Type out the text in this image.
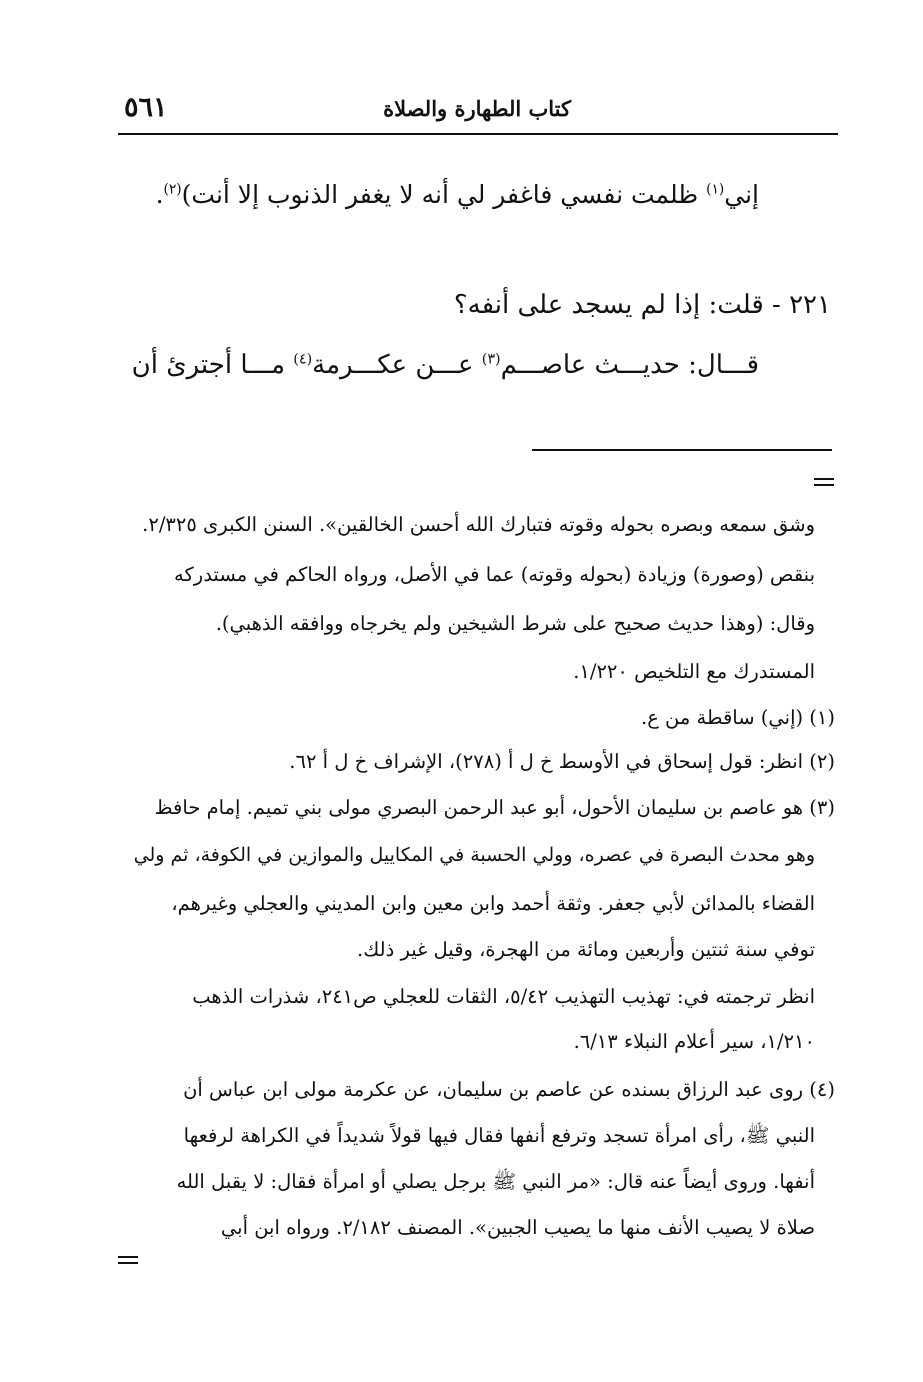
٥٦١	كتاب الطهارة والصلاة
إني$^{(١)}$ ظلمت نفسي فاغفر لي أنه لا يغفر الذنوب إلا أنت)$^{(٢)}$.
٢٢١ - قلت: إذا لم يسجد على أنفه؟
قـــال: حديـــث عاصـــم$^{(٣)}$ عـــن عكـــرمة$^{(٤)}$ مـــا أجترئ أن
وشق سمعه وبصره بحوله وقوته فتبارك الله أحسن الخالقين». السنن الكبرى ٢/٣٢٥.
بنقص (وصورة) وزيادة (بحوله وقوته) عما في الأصل، ورواه الحاكم في مستدركه
وقال: (وهذا حديث صحيح على شرط الشيخين ولم يخرجاه ووافقه الذهبي).
المستدرك مع التلخيص ١/٢٢٠.
(١) (إني) ساقطة من ع.
(٢) انظر: قول إسحاق في الأوسط خ ل أ (٢٧٨)، الإشراف خ ل أ ٦٢.
(٣) هو عاصم بن سليمان الأحول، أبو عبد الرحمن البصري مولى بني تميم. إمام حافظ
وهو محدث البصرة في عصره، وولي الحسبة في المكاييل والموازين في الكوفة، ثم ولي
القضاء بالمدائن لأبي جعفر. وثقة أحمد وابن معين وابن المديني والعجلي وغيرهم،
توفي سنة ثنتين وأربعين ومائة من الهجرة، وقيل غير ذلك.
انظر ترجمته في: تهذيب التهذيب ٥/٤٢، الثقات للعجلي ص٢٤١، شذرات الذهب
١/٢١٠، سير أعلام النبلاء ٦/١٣.
(٤) روى عبد الرزاق بسنده عن عاصم بن سليمان، عن عكرمة مولى ابن عباس أن
النبي ﷺ، رأى امرأة تسجد وترفع أنفها فقال فيها قولاً شديداً في الكراهة لرفعها
أنفها. وروى أيضاً عنه قال: «مر النبي ﷺ برجل يصلي أو امرأة فقال: لا يقبل الله
صلاة لا يصيب الأنف منها ما يصيب الجبين». المصنف ٢/١٨٢. ورواه ابن أبي
